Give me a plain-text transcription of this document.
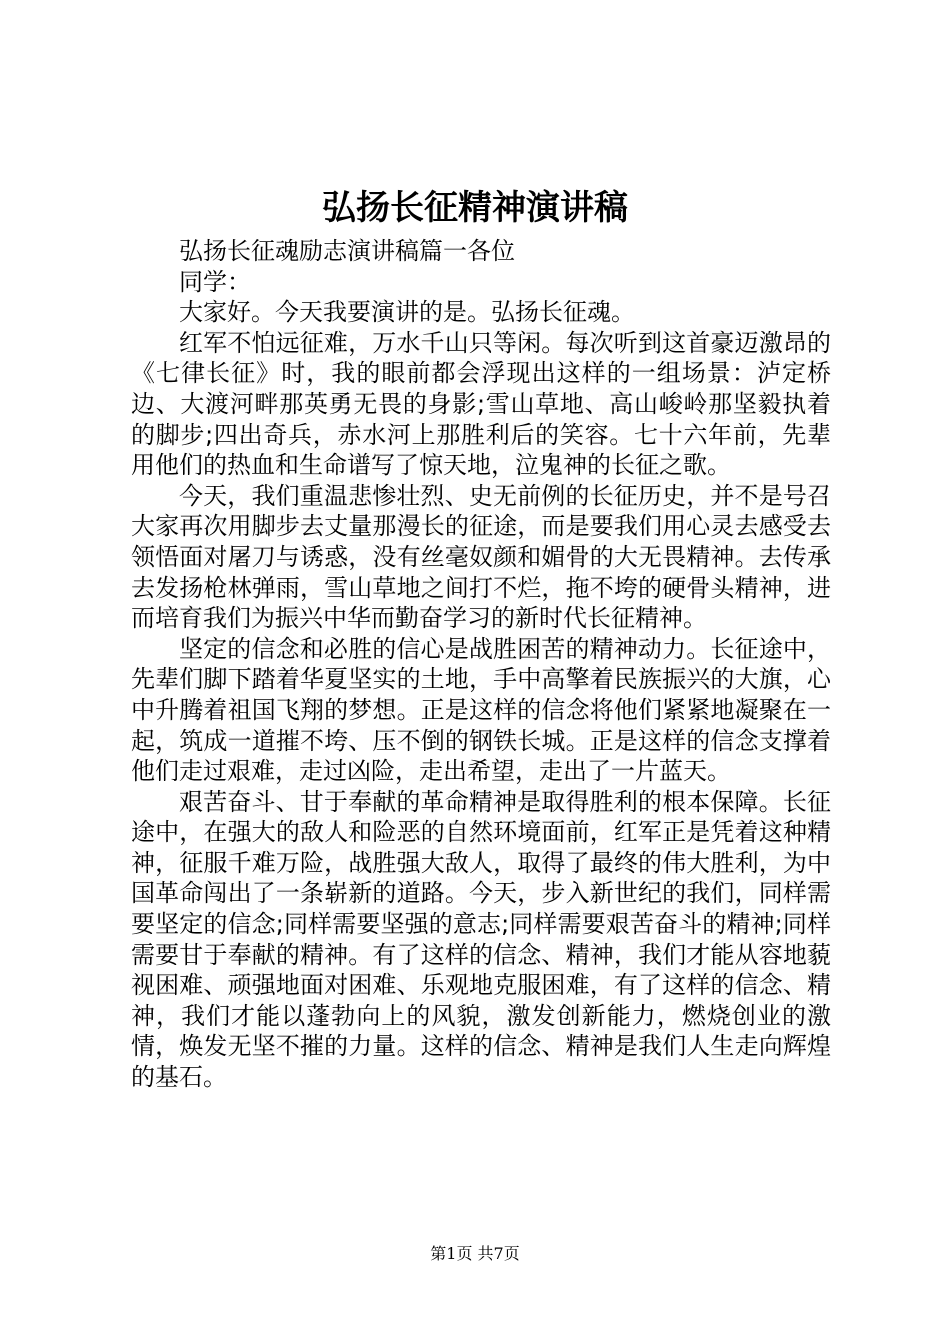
弘扬长征精神演讲稿

弘扬长征魂励志演讲稿篇一各位

同学：

大家好。今天我要演讲的是。弘扬长征魂。

红军不怕远征难，万水千山只等闲。每次听到这首豪迈激昂的《七律长征》时，我的眼前都会浮现出这样的一组场景：泸定桥边、大渡河畔那英勇无畏的身影;雪山草地、高山峻岭那坚毅执着的脚步;四出奇兵，赤水河上那胜利后的笑容。七十六年前，先辈用他们的热血和生命谱写了惊天地，泣鬼神的长征之歌。

今天，我们重温悲惨壮烈、史无前例的长征历史，并不是号召大家再次用脚步去丈量那漫长的征途，而是要我们用心灵去感受去领悟面对屠刀与诱惑，没有丝毫奴颜和媚骨的大无畏精神。去传承去发扬枪林弹雨，雪山草地之间打不烂，拖不垮的硬骨头精神，进而培育我们为振兴中华而勤奋学习的新时代长征精神。

坚定的信念和必胜的信心是战胜困苦的精神动力。长征途中，先辈们脚下踏着华夏坚实的土地，手中高擎着民族振兴的大旗，心中升腾着祖国飞翔的梦想。正是这样的信念将他们紧紧地凝聚在一起，筑成一道摧不垮、压不倒的钢铁长城。正是这样的信念支撑着他们走过艰难，走过凶险，走出希望，走出了一片蓝天。

艰苦奋斗、甘于奉献的革命精神是取得胜利的根本保障。长征途中，在强大的敌人和险恶的自然环境面前，红军正是凭着这种精神，征服千难万险，战胜强大敌人，取得了最终的伟大胜利，为中国革命闯出了一条崭新的道路。今天，步入新世纪的我们，同样需要坚定的信念;同样需要坚强的意志;同样需要艰苦奋斗的精神;同样需要甘于奉献的精神。有了这样的信念、精神，我们才能从容地藐视困难、顽强地面对困难、乐观地克服困难，有了这样的信念、精神，我们才能以蓬勃向上的风貌，激发创新能力，燃烧创业的激情，焕发无坚不摧的力量。这样的信念、精神是我们人生走向辉煌的基石。

第1页 共7页
